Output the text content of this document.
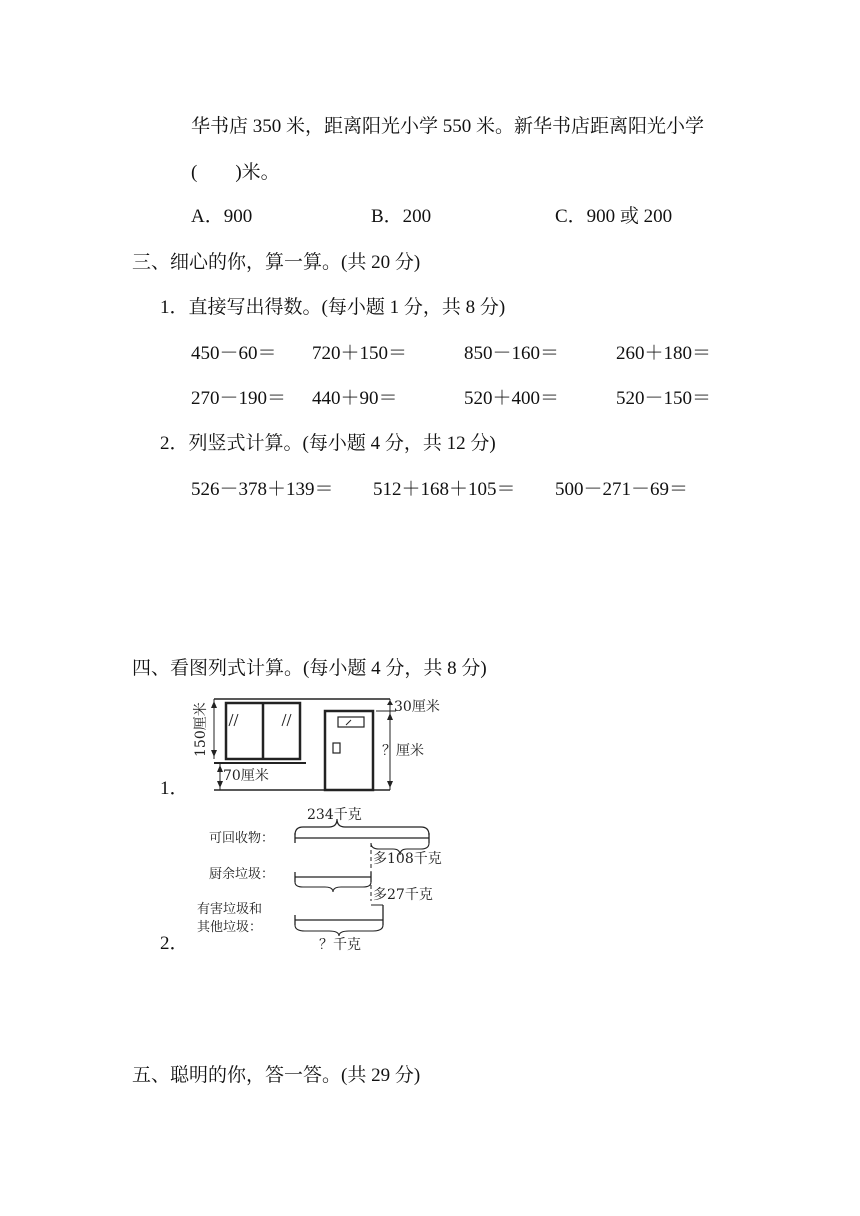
华书店 350 米，距离阳光小学 550 米。新华书店距离阳光小学
(　　)米。
A．900	B．200	C．900 或 200
三、细心的你，算一算。(共 20 分)
1．直接写出得数。(每小题 1 分，共 8 分)
450－60＝ 720＋150＝	850－160＝	260＋180＝
270－190＝ 440＋90＝	520＋400＝	520－150＝
2．列竖式计算。(每小题 4 分，共 12 分)
526－378＋139＝ 512＋168＋105＝ 500－271－69＝
四、看图列式计算。(每小题 4 分，共 8 分)
1．
150厘米
70厘米
30厘米
？厘米
2．
234千克
可回收物：
多108千克
厨余垃圾：
多27千克
有害垃圾和
其他垃圾：
？千克
五、聪明的你，答一答。(共 29 分)
